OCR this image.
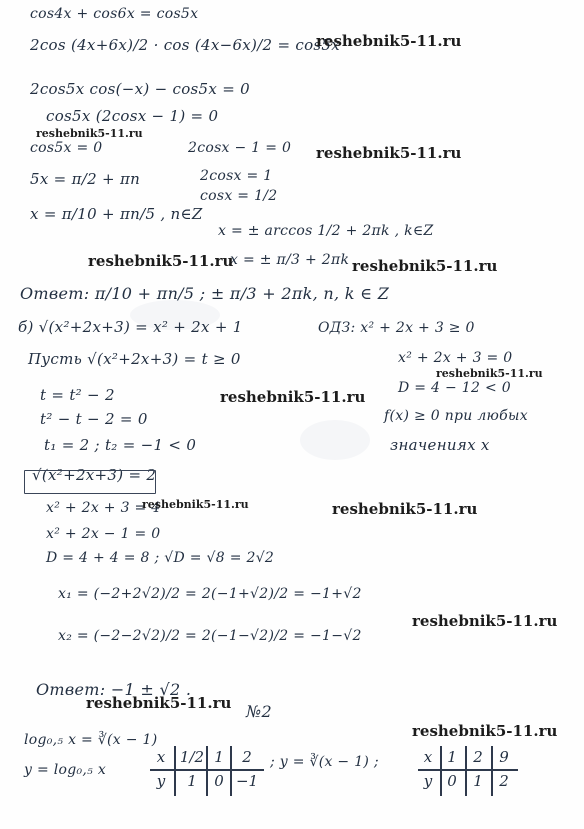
cos4x + cos6x = cos5x
2cos (4x+6x)/2 · cos (4x−6x)/2 = cos5x
2cos5x cos(−x) − cos5x = 0
cos5x (2cosx − 1) = 0
cos5x = 0	2cosx − 1 = 0
5x = π/2 + πn	2cosx = 1
cosx = 1/2
x = π/10 + πn/5 , n∈Z
x = ± arccos 1/2 + 2πk , k∈Z
x = ± π/3 + 2πk
Ответ: π/10 + πn/5 ; ± π/3 + 2πk, n, k ∈ Z
б) √(x²+2x+3) = x² + 2x + 1	ОДЗ: x² + 2x + 3 ≥ 0
Пусть √(x²+2x+3) = t ≥ 0	x² + 2x + 3 = 0
D = 4 − 12 < 0
t = t² − 2
f(x) ≥ 0 при любых
t² − t − 2 = 0
значениях x
t₁ = 2 ; t₂ = −1 < 0
√(x²+2x+3) = 2
x² + 2x + 3 = 4
x² + 2x − 1 = 0
D = 4 + 4 = 8 ; √D = √8 = 2√2
x₁ = (−2+2√2)/2 = 2(−1+√2)/2 = −1+√2
x₂ = (−2−2√2)/2 = 2(−1−√2)/2 = −1−√2
Ответ: −1 ± √2 .
№2
log₀,₅ x = ∛(x − 1)
y = log₀,₅ x	; y = ∛(x − 1) ;
x 1/2 1	2
y	1	0 −1
x 1	2	9
y 0	1	2
reshebnik5-11.ru
reshebnik5-11.ru
reshebnik5-11.ru
reshebnik5-11.ru	reshebnik5-11.ru
reshebnik5-11.ru
reshebnik5-11.ru
reshebnik5-11.ru	reshebnik5-11.ru
reshebnik5-11.ru
reshebnik5-11.ru
reshebnik5-11.ru
